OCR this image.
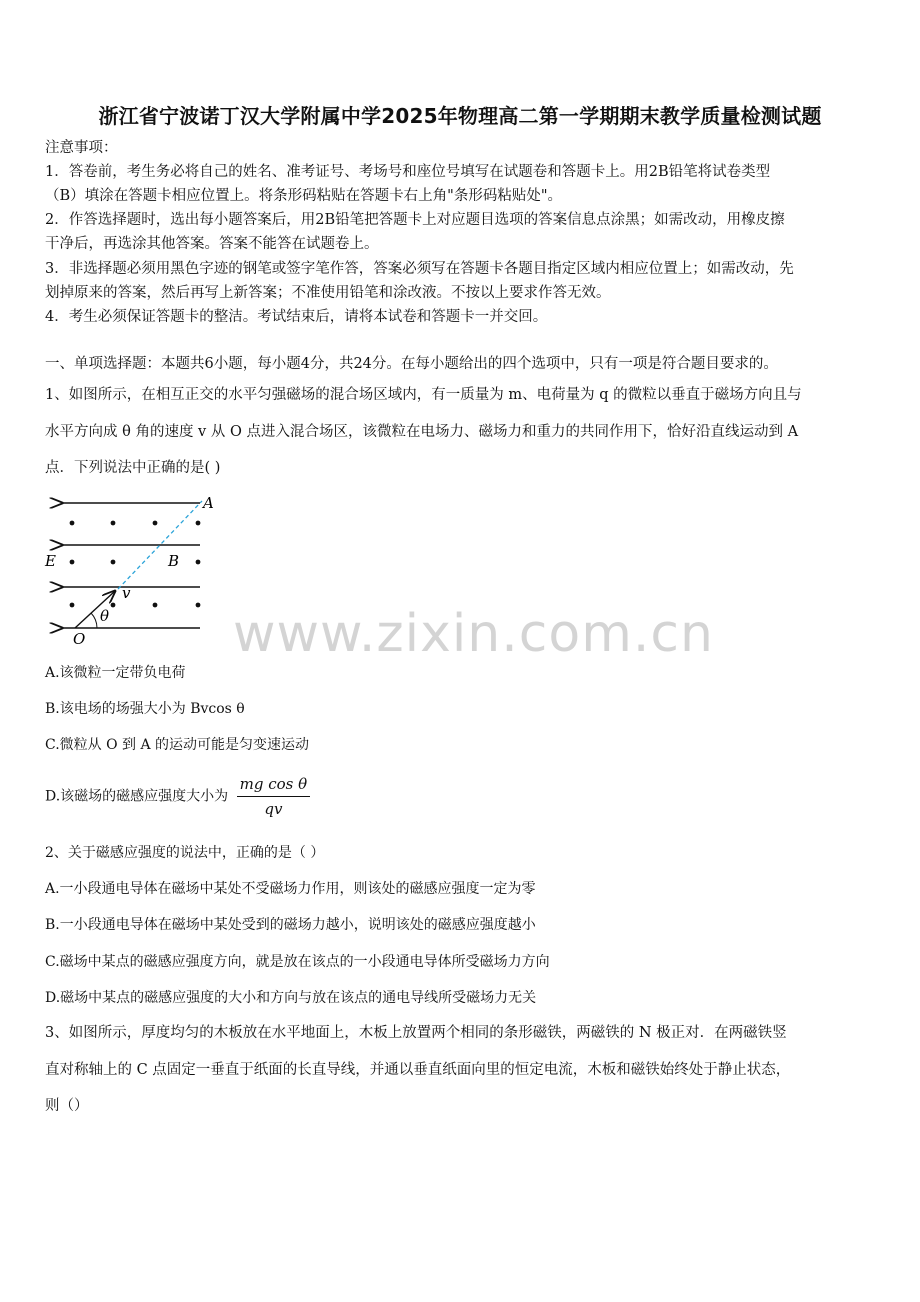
浙江省宁波诺丁汉大学附属中学2025年物理高二第一学期期末教学质量检测试题
注意事项：
1．答卷前，考生务必将自己的姓名、准考证号、考场号和座位号填写在试题卷和答题卡上。用2B铅笔将试卷类型
（B）填涂在答题卡相应位置上。将条形码粘贴在答题卡右上角"条形码粘贴处"。
2．作答选择题时，选出每小题答案后，用2B铅笔把答题卡上对应题目选项的答案信息点涂黑；如需改动，用橡皮擦
干净后，再选涂其他答案。答案不能答在试题卷上。
3．非选择题必须用黑色字迹的钢笔或签字笔作答，答案必须写在答题卡各题目指定区域内相应位置上；如需改动，先
划掉原来的答案，然后再写上新答案；不准使用铅笔和涂改液。不按以上要求作答无效。
4．考生必须保证答题卡的整洁。考试结束后，请将本试卷和答题卡一并交回。
一、单项选择题：本题共6小题，每小题4分，共24分。在每小题给出的四个选项中，只有一项是符合题目要求的。
1、如图所示，在相互正交的水平匀强磁场的混合场区域内，有一质量为 m、电荷量为 q 的微粒以垂直于磁场方向且与
水平方向成 θ 角的速度 v 从 O 点进入混合场区，该微粒在电场力、磁场力和重力的共同作用下，恰好沿直线运动到 A
点．下列说法中正确的是( )
A
E	B
v
θ
O	www.zixin.com.cn
A.该微粒一定带负电荷
B.该电场的场强大小为 Bvcos θ
C.微粒从 O 到 A 的运动可能是匀变速运动
D.该磁场的磁感应强度大小为 $\frac{\text{mg cos θ}}{qv}$
2、关于磁感应强度的说法中，正确的是（ ）
A.一小段通电导体在磁场中某处不受磁场力作用，则该处的磁感应强度一定为零
B.一小段通电导体在磁场中某处受到的磁场力越小，说明该处的磁感应强度越小
C.磁场中某点的磁感应强度方向，就是放在该点的一小段通电导体所受磁场力方向
D.磁场中某点的磁感应强度的大小和方向与放在该点的通电导线所受磁场力无关
3、如图所示，厚度均匀的木板放在水平地面上，木板上放置两个相同的条形磁铁，两磁铁的 N 极正对．在两磁铁竖
直对称轴上的 C 点固定一垂直于纸面的长直导线，并通以垂直纸面向里的恒定电流，木板和磁铁始终处于静止状态，
则（）
